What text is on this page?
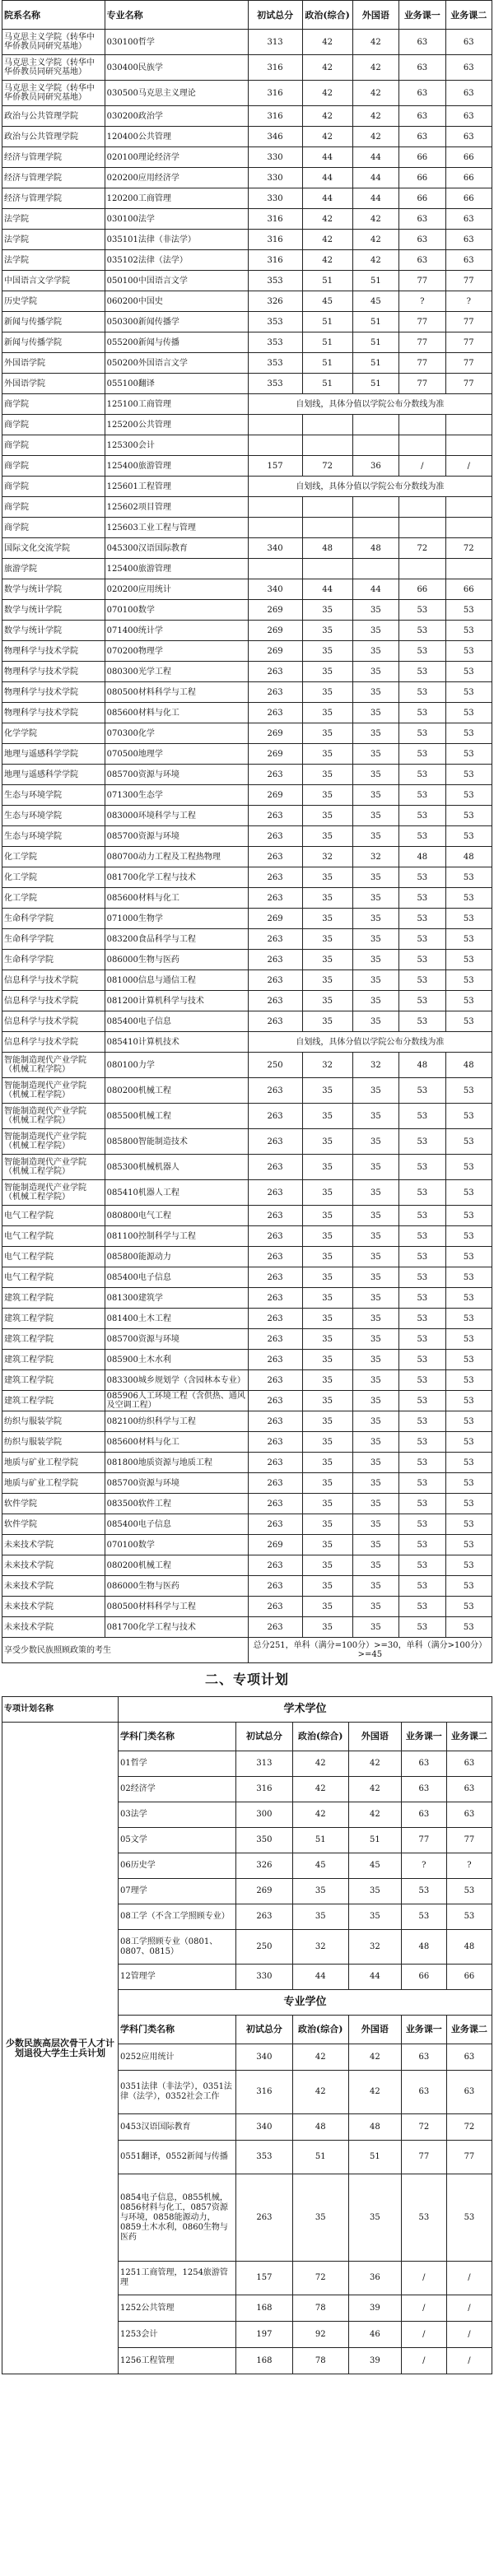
院系名称	专业名称	初试总分	政治(综合)	外国语	业务课一	业务课二
马克思主义学院（转华中华侨教员同研究基地）	030100哲学	313	42	42	63	63
马克思主义学院（转华中华侨教员同研究基地）	030400民族学	316	42	42	63	63
马克思主义学院（转华中华侨教员同研究基地）	030500马克思主义理论	316	42	42	63	63
政治与公共管理学院	030200政治学	316	42	42	63	63
政治与公共管理学院	120400公共管理	346	42	42	63	63
经济与管理学院	020100理论经济学	330	44	44	66	66
经济与管理学院	020200应用经济学	330	44	44	66	66
经济与管理学院	120200工商管理	330	44	44	66	66
法学院	030100法学	316	42	42	63	63
法学院	035101法律（非法学）	316	42	42	63	63
法学院	035102法律（法学）	316	42	42	63	63
中国语言文学学院	050100中国语言文学	353	51	51	77	77
历史学院	060200中国史	326	45	45	?	?
新闻与传播学院	050300新闻传播学	353	51	51	77	77
新闻与传播学院	055200新闻与传播	353	51	51	77	77
外国语学院	050200外国语言文学	353	51	51	77	77
外国语学院	055100翻译	353	51	51	77	77
商学院	125100工商管理	自划线，具体分值以学院公布分数线为准				
商学院	125200公共管理					
商学院	125300会计					
商学院	125400旅游管理	157	72	36	/	/
商学院	125601工程管理	自划线，具体分值以学院公布分数线为准				
商学院	125602项目管理					
商学院	125603工业工程与管理					
国际文化交流学院	045300汉语国际教育	340	48	48	72	72
旅游学院	125400旅游管理					
数学与统计学院	020200应用统计	340	44	44	66	66
数学与统计学院	070100数学	269	35	35	53	53
数学与统计学院	071400统计学	269	35	35	53	53
物理科学与技术学院	070200物理学	269	35	35	53	53
物理科学与技术学院	080300光学工程	263	35	35	53	53
物理科学与技术学院	080500材料科学与工程	263	35	35	53	53
物理科学与技术学院	085600材料与化工	263	35	35	53	53
化学学院	070300化学	269	35	35	53	53
地理与遥感科学学院	070500地理学	269	35	35	53	53
地理与遥感科学学院	085700资源与环境	263	35	35	53	53
生态与环境学院	071300生态学	269	35	35	53	53
生态与环境学院	083000环境科学与工程	263	35	35	53	53
生态与环境学院	085700资源与环境	263	35	35	53	53
化工学院	080700动力工程及工程热物理	263	32	32	48	48
化工学院	081700化学工程与技术	263	35	35	53	53
化工学院	085600材料与化工	263	35	35	53	53
生命科学学院	071000生物学	269	35	35	53	53
生命科学学院	083200食品科学与工程	263	35	35	53	53
生命科学学院	086000生物与医药	263	35	35	53	53
信息科学与技术学院	081000信息与通信工程	263	35	35	53	53
信息科学与技术学院	081200计算机科学与技术	263	35	35	53	53
信息科学与技术学院	085400电子信息	263	35	35	53	53
信息科学与技术学院	085410计算机技术	自划线，具体分值以学院公布分数线为准				
智能制造现代产业学院（机械工程学院）	080100力学	250	32	32	48	48
智能制造现代产业学院（机械工程学院）	080200机械工程	263	35	35	53	53
智能制造现代产业学院（机械工程学院）	085500机械工程	263	35	35	53	53
智能制造现代产业学院（机械工程学院）	085800智能制造技术	263	35	35	53	53
智能制造现代产业学院（机械工程学院）	085300机械机器人	263	35	35	53	53
智能制造现代产业学院（机械工程学院）	085410机器人工程	263	35	35	53	53
电气工程学院	080800电气工程	263	35	35	53	53
电气工程学院	081100控制科学与工程	263	35	35	53	53
电气工程学院	085800能源动力	263	35	35	53	53
电气工程学院	085400电子信息	263	35	35	53	53
建筑工程学院	081300建筑学	263	35	35	53	53
建筑工程学院	081400土木工程	263	35	35	53	53
建筑工程学院	085700资源与环境	263	35	35	53	53
建筑工程学院	085900土木水利	263	35	35	53	53
建筑工程学院	083300城乡规划学（含园林本专业）	263	35	35	53	53
建筑工程学院	085906人工环境工程（含供热、通风及空调工程）	263	35	35	53	53
纺织与服装学院	082100纺织科学与工程	263	35	35	53	53
纺织与服装学院	085600材料与化工	263	35	35	53	53
地质与矿业工程学院	081800地质资源与地质工程	263	35	35	53	53
地质与矿业工程学院	085700资源与环境	263	35	35	53	53
软件学院	083500软件工程	263	35	35	53	53
软件学院	085400电子信息	263	35	35	53	53
未来技术学院	070100数学	269	35	35	53	53
未来技术学院	080200机械工程	263	35	35	53	53
未来技术学院	086000生物与医药	263	35	35	53	53
未来技术学院	080500材料科学与工程	263	35	35	53	53
未来技术学院	081700化学工程与技术	263	35	35	53	53
享受少数民族照顾政策的考生		总分251，单科（满分=100分）>=30，单科（满分>100分）>=45				
二、专项计划
专项计划名称	学术学位					
少数民族高层次骨干人才计划退役大学生士兵计划	学科门类名称	初试总分	政治(综合)	外国语	业务课一	业务课二
	01哲学	313	42	42	63	63
	02经济学	316	42	42	63	63
	03法学	300	42	42	63	63
	05文学	350	51	51	77	77
	06历史学	326	45	45	?	?
	07理学	269	35	35	53	53
	08工学（不含工学照顾专业）	263	35	35	53	53
	08工学照顾专业（0801、0807、0815）	250	32	32	48	48
	12管理学	330	44	44	66	66
	专业学位					
	学科门类名称	初试总分	政治(综合)	外国语	业务课一	业务课二
	0252应用统计	340	42	42	63	63
	0351法律（非法学），0351法律（法学），0352社会工作	316	42	42	63	63
	0453汉语国际教育	340	48	48	72	72
	0551翻译，0552新闻与传播	353	51	51	77	77
	0854电子信息，0855机械，0856材料与化工，0857资源与环境，0858能源动力，0859土木水利，0860生物与医药	263	35	35	53	53
	1251工商管理，1254旅游管理	157	72	36	/	/
	1252公共管理	168	78	39	/	/
	1253会计	197	92	46	/	/
	1256工程管理	168	78	39	/	/
